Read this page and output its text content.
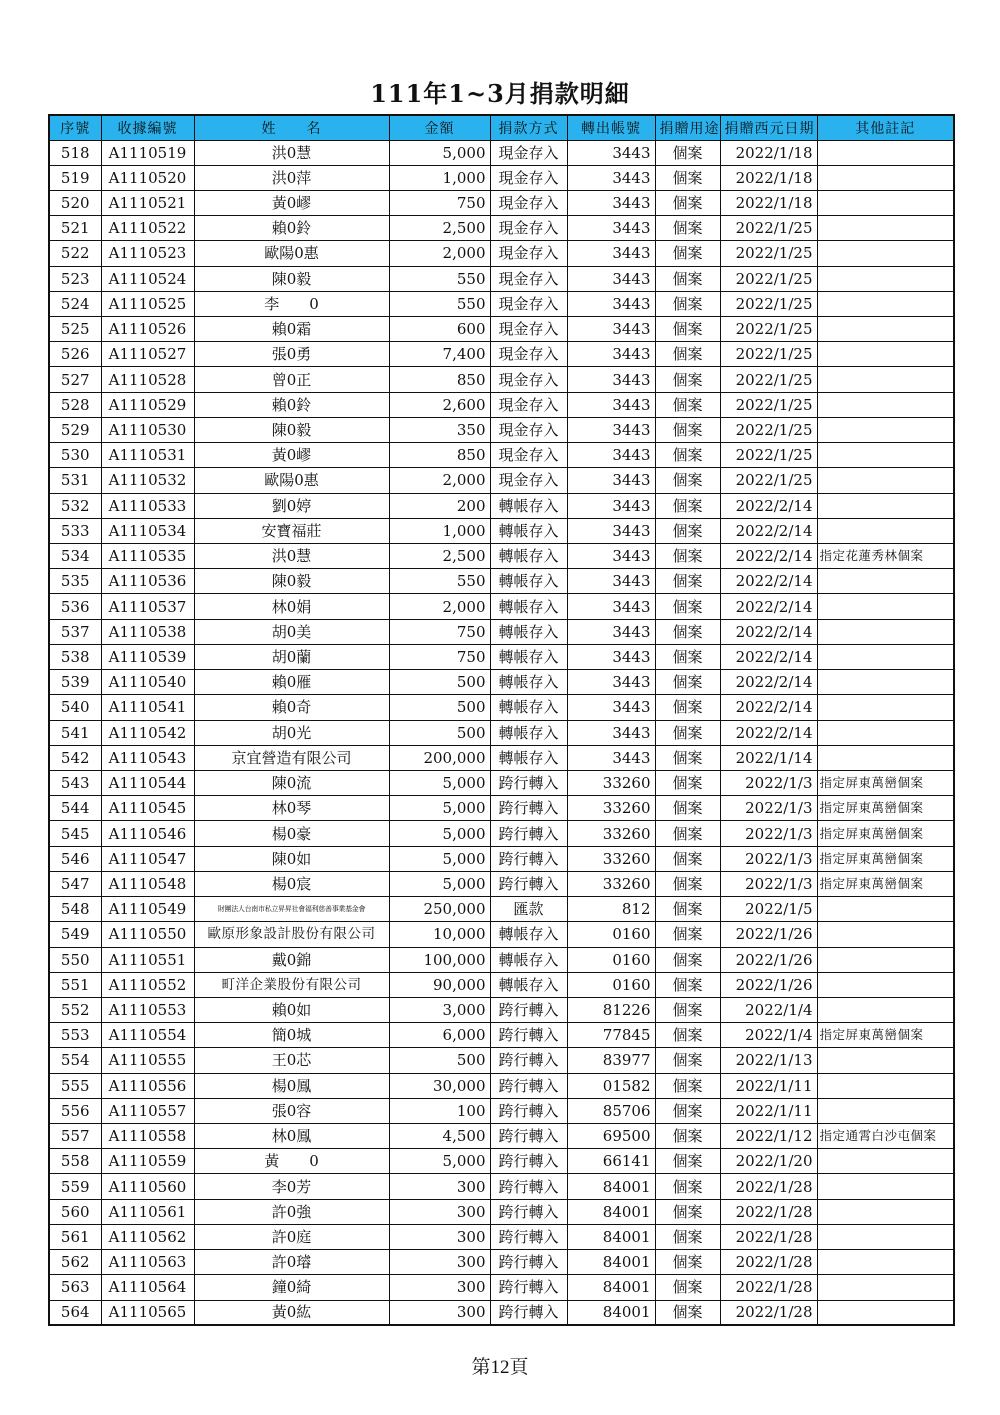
111年1~3月捐款明細
序號	收據編號	姓　　名	金額	捐款方式	轉出帳號	捐贈用途	捐贈西元日期	其他註記
518	A1110519	洪0慧	5,000	現金存入	3443	個案	2022/1/18	
519	A1110520	洪0萍	1,000	現金存入	3443	個案	2022/1/18	
520	A1110521	黃0嵺	750	現金存入	3443	個案	2022/1/18	
521	A1110522	賴0鈴	2,500	現金存入	3443	個案	2022/1/25	
522	A1110523	歐陽0惠	2,000	現金存入	3443	個案	2022/1/25	
523	A1110524	陳0毅	550	現金存入	3443	個案	2022/1/25	
524	A1110525	李　　0	550	現金存入	3443	個案	2022/1/25	
525	A1110526	賴0霜	600	現金存入	3443	個案	2022/1/25	
526	A1110527	張0勇	7,400	現金存入	3443	個案	2022/1/25	
527	A1110528	曾0正	850	現金存入	3443	個案	2022/1/25	
528	A1110529	賴0鈴	2,600	現金存入	3443	個案	2022/1/25	
529	A1110530	陳0毅	350	現金存入	3443	個案	2022/1/25	
530	A1110531	黃0嵺	850	現金存入	3443	個案	2022/1/25	
531	A1110532	歐陽0惠	2,000	現金存入	3443	個案	2022/1/25	
532	A1110533	劉0婷	200	轉帳存入	3443	個案	2022/2/14	
533	A1110534	安寶福莊	1,000	轉帳存入	3443	個案	2022/2/14	
534	A1110535	洪0慧	2,500	轉帳存入	3443	個案	2022/2/14	指定花蓮秀林個案
535	A1110536	陳0毅	550	轉帳存入	3443	個案	2022/2/14	
536	A1110537	林0娟	2,000	轉帳存入	3443	個案	2022/2/14	
537	A1110538	胡0美	750	轉帳存入	3443	個案	2022/2/14	
538	A1110539	胡0蘭	750	轉帳存入	3443	個案	2022/2/14	
539	A1110540	賴0雁	500	轉帳存入	3443	個案	2022/2/14	
540	A1110541	賴0奇	500	轉帳存入	3443	個案	2022/2/14	
541	A1110542	胡0光	500	轉帳存入	3443	個案	2022/2/14	
542	A1110543	京宜營造有限公司	200,000	轉帳存入	3443	個案	2022/1/14	
543	A1110544	陳0流	5,000	跨行轉入	33260	個案	2022/1/3	指定屏東萬巒個案
544	A1110545	林0琴	5,000	跨行轉入	33260	個案	2022/1/3	指定屏東萬巒個案
545	A1110546	楊0豪	5,000	跨行轉入	33260	個案	2022/1/3	指定屏東萬巒個案
546	A1110547	陳0如	5,000	跨行轉入	33260	個案	2022/1/3	指定屏東萬巒個案
547	A1110548	楊0宸	5,000	跨行轉入	33260	個案	2022/1/3	指定屏東萬巒個案
548	A1110549	財團法人台南市私立昇昇社會福利慈善事業基金會	250,000	匯款	812	個案	2022/1/5	
549	A1110550	歐原形象設計股份有限公司	10,000	轉帳存入	0160	個案	2022/1/26	
550	A1110551	戴0錦	100,000	轉帳存入	0160	個案	2022/1/26	
551	A1110552	町洋企業股份有限公司	90,000	轉帳存入	0160	個案	2022/1/26	
552	A1110553	賴0如	3,000	跨行轉入	81226	個案	2022/1/4	
553	A1110554	簡0城	6,000	跨行轉入	77845	個案	2022/1/4	指定屏東萬巒個案
554	A1110555	王0芯	500	跨行轉入	83977	個案	2022/1/13	
555	A1110556	楊0鳳	30,000	跨行轉入	01582	個案	2022/1/11	
556	A1110557	張0容	100	跨行轉入	85706	個案	2022/1/11	
557	A1110558	林0鳳	4,500	跨行轉入	69500	個案	2022/1/12	指定通霄白沙屯個案
558	A1110559	黃　　0	5,000	跨行轉入	66141	個案	2022/1/20	
559	A1110560	李0芳	300	跨行轉入	84001	個案	2022/1/28	
560	A1110561	許0強	300	跨行轉入	84001	個案	2022/1/28	
561	A1110562	許0庭	300	跨行轉入	84001	個案	2022/1/28	
562	A1110563	許0璿	300	跨行轉入	84001	個案	2022/1/28	
563	A1110564	鐘0綺	300	跨行轉入	84001	個案	2022/1/28	
564	A1110565	黃0紘	300	跨行轉入	84001	個案	2022/1/28	
第12頁
